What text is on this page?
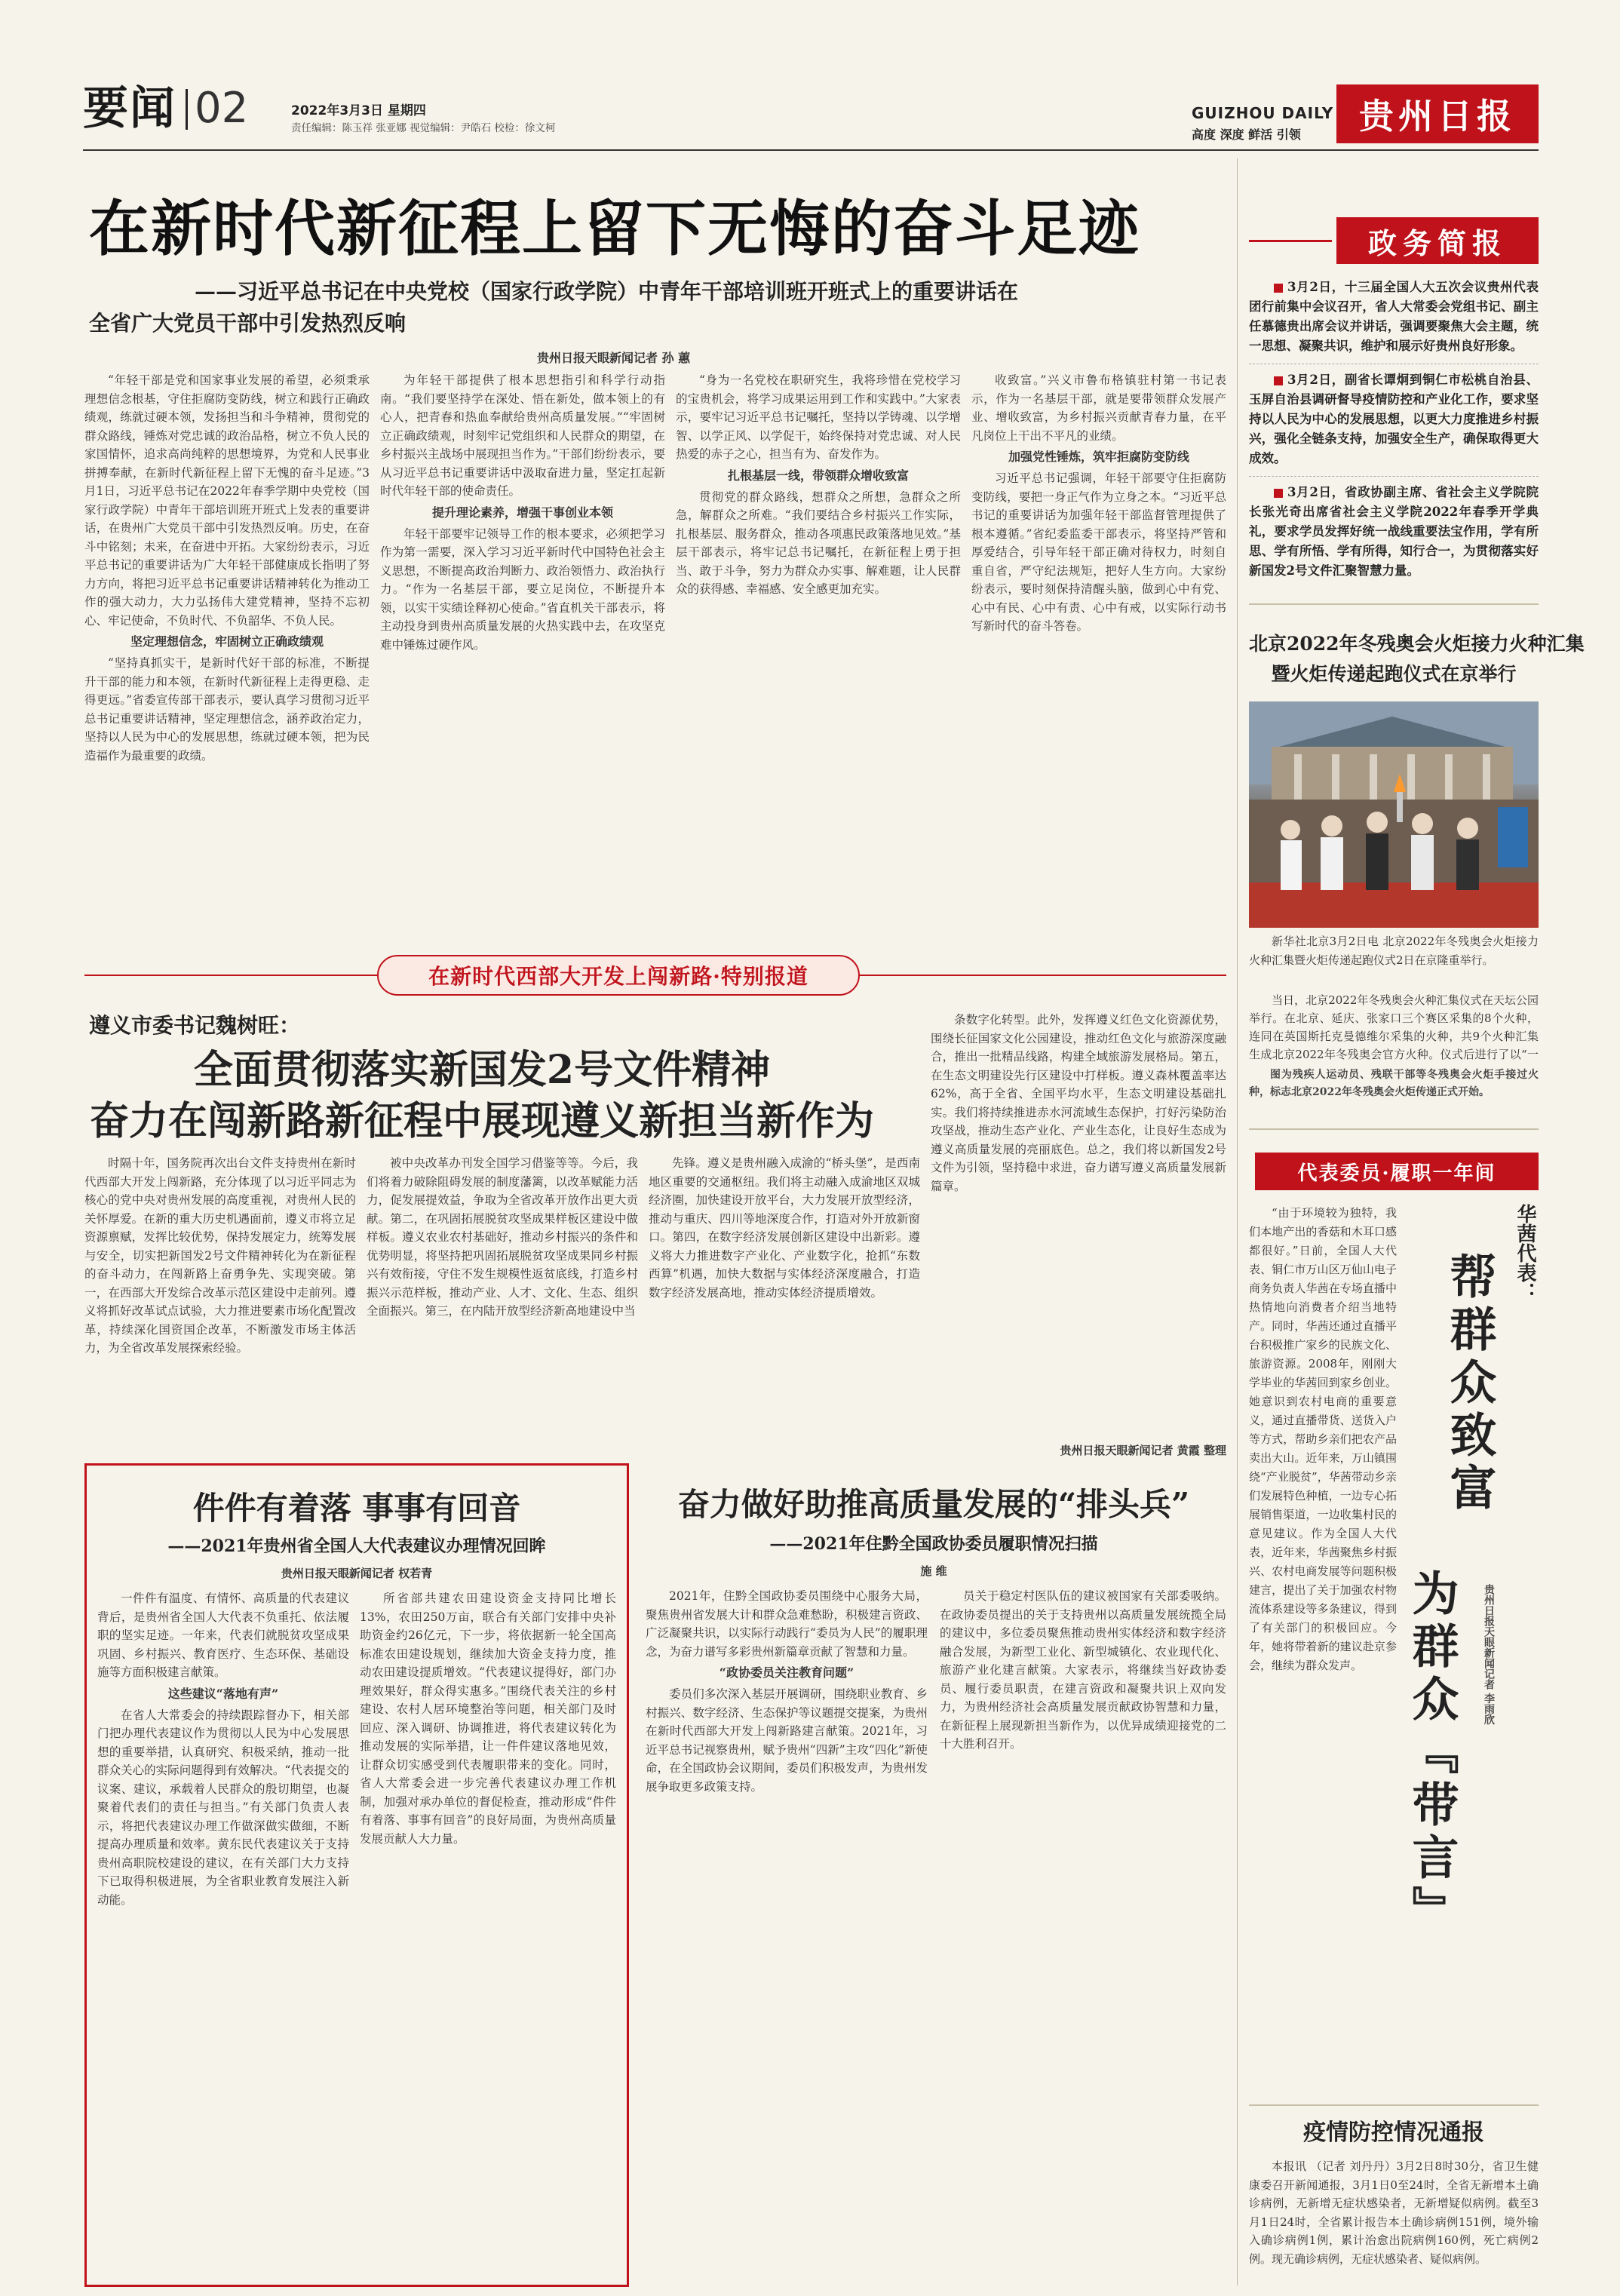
要闻 02	2022年3月3日 星期四
责任编辑：陈玉祥 张亚娜 视觉编辑：尹皓石 校检：徐文柯
GUIZHOU DAILY
高度 深度 鲜活 引领 贵州日报
在新时代新征程上留下无悔的奋斗足迹
——习近平总书记在中央党校（国家行政学院）中青年干部培训班开班式上的重要讲话在
全省广大党员干部中引发热烈反响
贵州日报天眼新闻记者 孙 蕙

“年轻干部是党和国家事业发展的希望，必须秉承理想信念根基，守住拒腐防变防线，树立和践行正确政绩观，练就过硬本领，发扬担当和斗争精神，贯彻党的群众路线，锤炼对党忠诚的政治品格，树立不负人民的家国情怀，追求高尚纯粹的思想境界，为党和人民事业拼搏奉献，在新时代新征程上留下无愧的奋斗足迹。”3月1日，习近平总书记在2022年春季学期中央党校（国家行政学院）中青年干部培训班开班式上发表的重要讲话，在贵州广大党员干部中引发热烈反响。历史，在奋斗中铭刻；未来，在奋进中开拓。大家纷纷表示，习近平总书记的重要讲话为广大年轻干部健康成长指明了努力方向，将把习近平总书记重要讲话精神转化为推动工作的强大动力，大力弘扬伟大建党精神，坚持不忘初心、牢记使命，不负时代、不负韶华、不负人民。

坚定理想信念，牢固树立正确政绩观

“坚持真抓实干，是新时代好干部的标准，不断提升干部的能力和本领，在新时代新征程上走得更稳、走得更远。”省委宣传部干部表示，要认真学习贯彻习近平总书记重要讲话精神，坚定理想信念，涵养政治定力，坚持以人民为中心的发展思想，练就过硬本领，把为民造福作为最重要的政绩。

为年轻干部提供了根本思想指引和科学行动指南。“我们要坚持学在深处、悟在新处，做本领上的有心人，把青春和热血奉献给贵州高质量发展。”“牢固树立正确政绩观，时刻牢记党组织和人民群众的期望，在乡村振兴主战场中展现担当作为。”干部们纷纷表示，要从习近平总书记重要讲话中汲取奋进力量，坚定扛起新时代年轻干部的使命责任。

提升理论素养，增强干事创业本领

年轻干部要牢记领导工作的根本要求，必须把学习作为第一需要，深入学习习近平新时代中国特色社会主义思想，不断提高政治判断力、政治领悟力、政治执行力。“作为一名基层干部，要立足岗位，不断提升本领，以实干实绩诠释初心使命。”省直机关干部表示，将主动投身到贵州高质量发展的火热实践中去，在攻坚克难中锤炼过硬作风。

“身为一名党校在职研究生，我将珍惜在党校学习的宝贵机会，将学习成果运用到工作和实践中。”大家表示，要牢记习近平总书记嘱托，坚持以学铸魂、以学增智、以学正风、以学促干，始终保持对党忠诚、对人民热爱的赤子之心，担当有为、奋发作为。

扎根基层一线，带领群众增收致富

贯彻党的群众路线，想群众之所想，急群众之所急，解群众之所难。“我们要结合乡村振兴工作实际，扎根基层、服务群众，推动各项惠民政策落地见效。”基层干部表示，将牢记总书记嘱托，在新征程上勇于担当、敢于斗争，努力为群众办实事、解难题，让人民群众的获得感、幸福感、安全感更加充实。

收致富。”兴义市鲁布格镇驻村第一书记表示，作为一名基层干部，就是要带领群众发展产业、增收致富，为乡村振兴贡献青春力量，在平凡岗位上干出不平凡的业绩。

加强党性锤炼，筑牢拒腐防变防线

习近平总书记强调，年轻干部要守住拒腐防变防线，要把一身正气作为立身之本。“习近平总书记的重要讲话为加强年轻干部监督管理提供了根本遵循。”省纪委监委干部表示，将坚持严管和厚爱结合，引导年轻干部正确对待权力，时刻自重自省，严守纪法规矩，把好人生方向。大家纷纷表示，要时刻保持清醒头脑，做到心中有党、心中有民、心中有责、心中有戒，以实际行动书写新时代的奋斗答卷。

政务简报
3月2日，十三届全国人大五次会议贵州代表团行前集中会议召开，省人大常委会党组书记、副主任慕德贵出席会议并讲话，强调要聚焦大会主题，统一思想、凝聚共识，维护和展示好贵州良好形象。
3月2日，副省长谭炯到铜仁市松桃自治县、玉屏自治县调研督导疫情防控和产业化工作，要求坚持以人民为中心的发展思想，以更大力度推进乡村振兴，强化全链条支持，加强安全生产，确保取得更大成效。
3月2日，省政协副主席、省社会主义学院院长张光奇出席省社会主义学院2022年春季开学典礼，要求学员发挥好统一战线重要法宝作用，学有所思、学有所悟、学有所得，知行合一，为贯彻落实好新国发2号文件汇聚智慧力量。
北京2022年冬残奥会火炬接力火种汇集
暨火炬传递起跑仪式在京举行

新华社北京3月2日电 北京2022年冬残奥会火炬接力火种汇集暨火炬传递起跑仪式2日在京隆重举行。

当日，北京2022年冬残奥会火种汇集仪式在天坛公园举行。在北京、延庆、张家口三个赛区采集的8个火种，连同在英国斯托克曼德维尔采集的火种，共9个火种汇集生成北京2022年冬残奥会官方火种。仪式后进行了以“一

图为残疾人运动员、残联干部等冬残奥会火炬手接过火种，标志北京2022年冬残奥会火炬传递正式开始。

代表委员·履职一年间
华茜代表：
帮群众致富
为群众『带言』	贵州日报天眼新闻记者 李雨欣

“由于环境较为独特，我们本地产出的香菇和木耳口感都很好。”日前，全国人大代表、铜仁市万山区万仙山电子商务负责人华茜在专场直播中热情地向消费者介绍当地特产。同时，华茜还通过直播平台积极推广家乡的民族文化、旅游资源。2008年，刚刚大学毕业的华茜回到家乡创业。她意识到农村电商的重要意义，通过直播带货、送货入户等方式，帮助乡亲们把农产品卖出大山。近年来，万山镇围绕“产业脱贫”，华茜带动乡亲们发展特色种植，一边专心拓展销售渠道，一边收集村民的意见建议。作为全国人大代表，近年来，华茜聚焦乡村振兴、农村电商发展等问题积极建言，提出了关于加强农村物流体系建设等多条建议，得到了有关部门的积极回应。今年，她将带着新的建议赴京参会，继续为群众发声。

疫情防控情况通报

本报讯 （记者 刘丹丹）3月2日8时30分，省卫生健康委召开新闻通报，3月1日0至24时，全省无新增本土确诊病例，无新增无症状感染者，无新增疑似病例。截至3月1日24时，全省累计报告本土确诊病例151例，境外输入确诊病例1例，累计治愈出院病例160例，死亡病例2例。现无确诊病例，无症状感染者、疑似病例。

在新时代西部大开发上闯新路·特别报道
遵义市委书记魏树旺：
全面贯彻落实新国发2号文件精神
奋力在闯新路新征程中展现遵义新担当新作为

时隔十年，国务院再次出台文件支持贵州在新时代西部大开发上闯新路，充分体现了以习近平同志为核心的党中央对贵州发展的高度重视，对贵州人民的关怀厚爱。在新的重大历史机遇面前，遵义市将立足资源禀赋，发挥比较优势，保持发展定力，统筹发展与安全，切实把新国发2号文件精神转化为在新征程的奋斗动力，在闯新路上奋勇争先、实现突破。第一，在西部大开发综合改革示范区建设中走前列。遵义将抓好改革试点试验，大力推进要素市场化配置改革，持续深化国资国企改革，不断激发市场主体活力，为全省改革发展探索经验。

被中央改革办刊发全国学习借鉴等等。今后，我们将着力破除阻碍发展的制度藩篱，以改革赋能力活力，促发展提效益，争取为全省改革开放作出更大贡献。第二，在巩固拓展脱贫攻坚成果样板区建设中做样板。遵义农业农村基础好，推动乡村振兴的条件和优势明显，将坚持把巩固拓展脱贫攻坚成果同乡村振兴有效衔接，守住不发生规模性返贫底线，打造乡村振兴示范样板，推动产业、人才、文化、生态、组织全面振兴。第三，在内陆开放型经济新高地建设中当

先锋。遵义是贵州融入成渝的“桥头堡”，是西南地区重要的交通枢纽。我们将主动融入成渝地区双城经济圈，加快建设开放平台，大力发展开放型经济，推动与重庆、四川等地深度合作，打造对外开放新窗口。第四，在数字经济发展创新区建设中出新彩。遵义将大力推进数字产业化、产业数字化，抢抓“东数西算”机遇，加快大数据与实体经济深度融合，打造数字经济发展高地，推动实体经济提质增效。

条数字化转型。此外，发挥遵义红色文化资源优势，围绕长征国家文化公园建设，推动红色文化与旅游深度融合，推出一批精品线路，构建全域旅游发展格局。第五，在生态文明建设先行区建设中打样板。遵义森林覆盖率达62%，高于全省、全国平均水平，生态文明建设基础扎实。我们将持续推进赤水河流域生态保护，打好污染防治攻坚战，推动生态产业化、产业生态化，让良好生态成为遵义高质量发展的亮丽底色。总之，我们将以新国发2号文件为引领，坚持稳中求进，奋力谱写遵义高质量发展新篇章。

贵州日报天眼新闻记者 黄霞 整理
件件有着落 事事有回音
——2021年贵州省全国人大代表建议办理情况回眸
贵州日报天眼新闻记者 权若青

一件件有温度、有情怀、高质量的代表建议背后，是贵州省全国人大代表不负重托、依法履职的坚实足迹。一年来，代表们就脱贫攻坚成果巩固、乡村振兴、教育医疗、生态环保、基础设施等方面积极建言献策。

这些建议“落地有声”

在省人大常委会的持续跟踪督办下，相关部门把办理代表建议作为贯彻以人民为中心发展思想的重要举措，认真研究、积极采纳，推动一批群众关心的实际问题得到有效解决。“代表提交的议案、建议，承载着人民群众的殷切期望，也凝聚着代表们的责任与担当。”有关部门负责人表示，将把代表建议办理工作做深做实做细，不断提高办理质量和效率。黄东民代表建议关于支持贵州高职院校建设的建议，在有关部门大力支持下已取得积极进展，为全省职业教育发展注入新动能。

所省部共建农田建设资金支持同比增长13%，农田250万亩，联合有关部门安排中央补助资金约26亿元，下一步，将依据新一轮全国高标准农田建设规划，继续加大资金支持力度，推动农田建设提质增效。“代表建议提得好，部门办理效果好，群众得实惠多。”围绕代表关注的乡村建设、农村人居环境整治等问题，相关部门及时回应、深入调研、协调推进，将代表建议转化为推动发展的实际举措，让一件件建议落地见效，让群众切实感受到代表履职带来的变化。同时，省人大常委会进一步完善代表建议办理工作机制，加强对承办单位的督促检查，推动形成“件件有着落、事事有回音”的良好局面，为贵州高质量发展贡献人大力量。

奋力做好助推高质量发展的“排头兵”
——2021年住黔全国政协委员履职情况扫描
施 维

2021年，住黔全国政协委员围绕中心服务大局，聚焦贵州省发展大计和群众急难愁盼，积极建言资政、广泛凝聚共识，以实际行动践行“委员为人民”的履职理念，为奋力谱写多彩贵州新篇章贡献了智慧和力量。

“政协委员关注教育问题”

委员们多次深入基层开展调研，围绕职业教育、乡村振兴、数字经济、生态保护等议题提交提案，为贵州在新时代西部大开发上闯新路建言献策。2021年，习近平总书记视察贵州，赋予贵州“四新”主攻“四化”新使命，在全国政协会议期间，委员们积极发声，为贵州发展争取更多政策支持。

员关于稳定村医队伍的建议被国家有关部委吸纳。在政协委员提出的关于支持贵州以高质量发展统揽全局的建议中，多位委员聚焦推动贵州实体经济和数字经济融合发展，为新型工业化、新型城镇化、农业现代化、旅游产业化建言献策。大家表示，将继续当好政协委员、履行委员职责，在建言资政和凝聚共识上双向发力，为贵州经济社会高质量发展贡献政协智慧和力量，在新征程上展现新担当新作为，以优异成绩迎接党的二十大胜利召开。
